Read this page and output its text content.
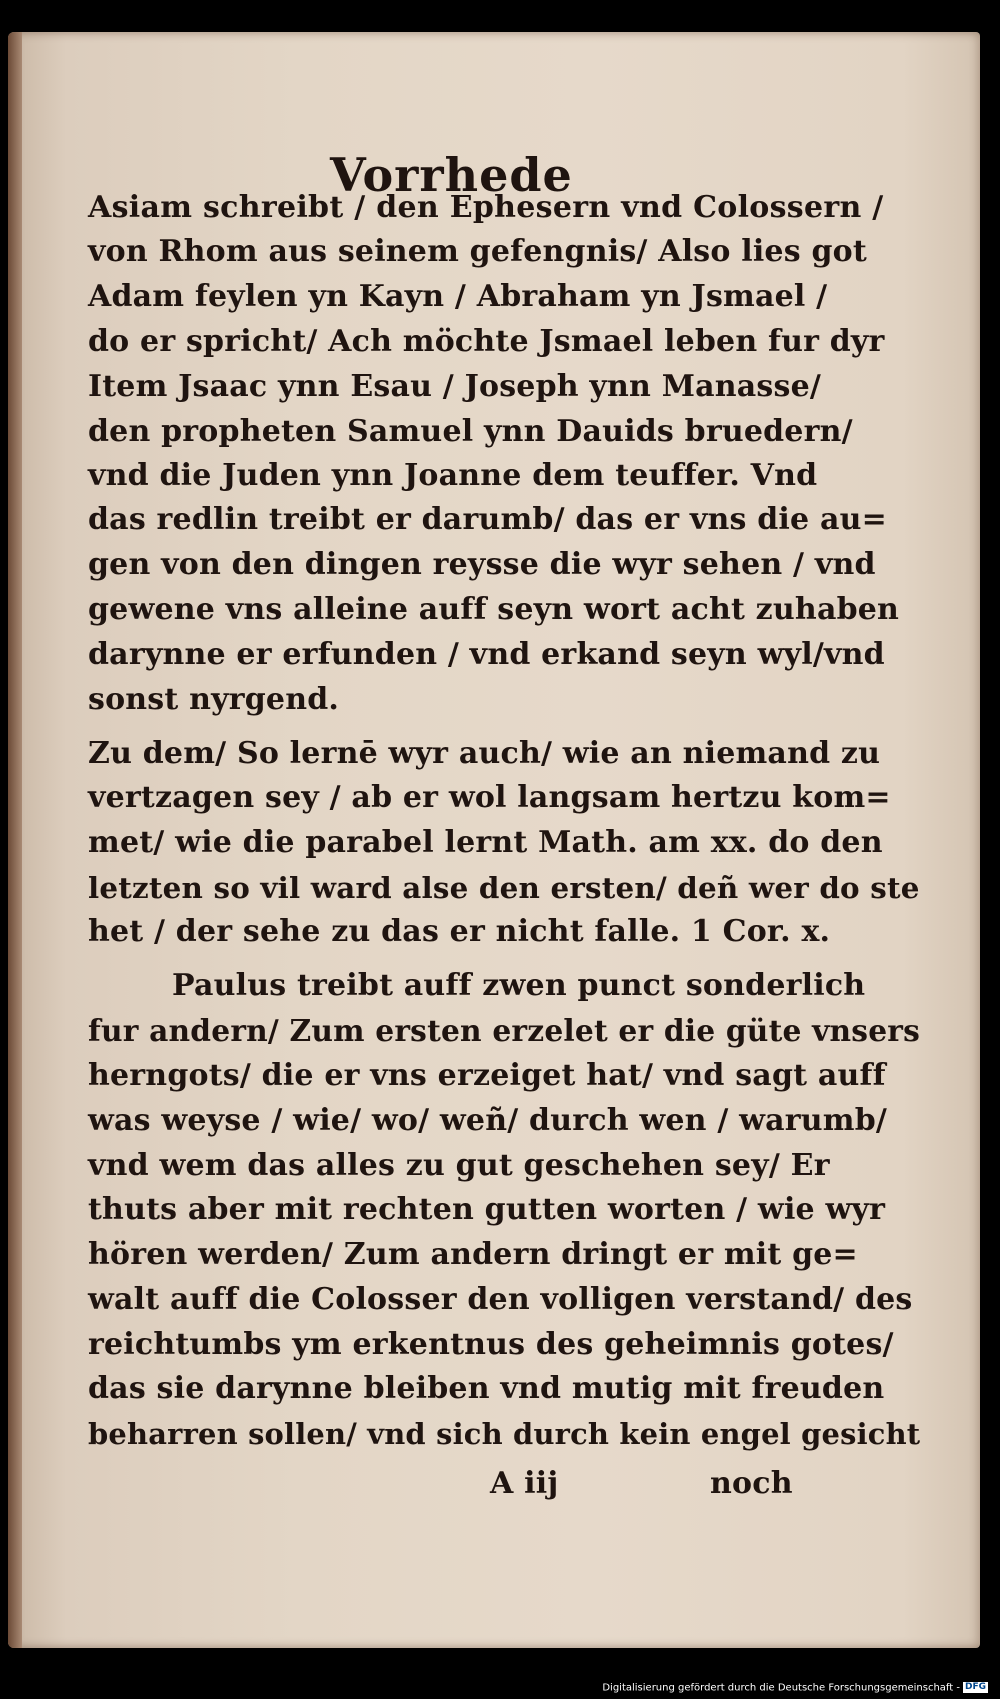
Vorrhede
Asiam schreibt / den Ephesern vnd Colossern /
von Rhom aus seinem gefengnis/ Also lies got
Adam feylen yn Kayn / Abraham yn Jsmael /
do er spricht/ Ach möchte Jsmael leben fur dyr
Item Jsaac ynn Esau / Joseph ynn Manasse/
den propheten Samuel ynn Dauids bruedern/
vnd die Juden ynn Joanne dem teuffer. Vnd
das redlin treibt er darumb/ das er vns die au=
gen von den dingen reysse die wyr sehen / vnd
gewene vns alleine auff seyn wort acht zuhaben
darynne er erfunden / vnd erkand seyn wyl/vnd
sonst nyrgend.
Zu dem/ So lernē wyr auch/ wie an niemand zu
vertzagen sey / ab er wol langsam hertzu kom=
met/ wie die parabel lernt Math. am xx. do den
letzten so vil ward alse den ersten/ deñ wer do ste
het / der sehe zu das er nicht falle. 1 Cor. x.
Paulus treibt auff zwen punct sonderlich
fur andern/ Zum ersten erzelet er die güte vnsers
herngots/ die er vns erzeiget hat/ vnd sagt auff
was weyse / wie/ wo/ weñ/ durch wen / warumb/
vnd wem das alles zu gut geschehen sey/ Er
thuts aber mit rechten gutten worten / wie wyr
hören werden/ Zum andern dringt er mit ge=
walt auff die Colosser den volligen verstand/ des
reichtumbs ym erkentnus des geheimnis gotes/
das sie darynne bleiben vnd mutig mit freuden
beharren sollen/ vnd sich durch kein engel gesicht
A iij	noch
Digitalisierung gefördert durch die Deutsche Forschungsgemeinschaft - DFG
